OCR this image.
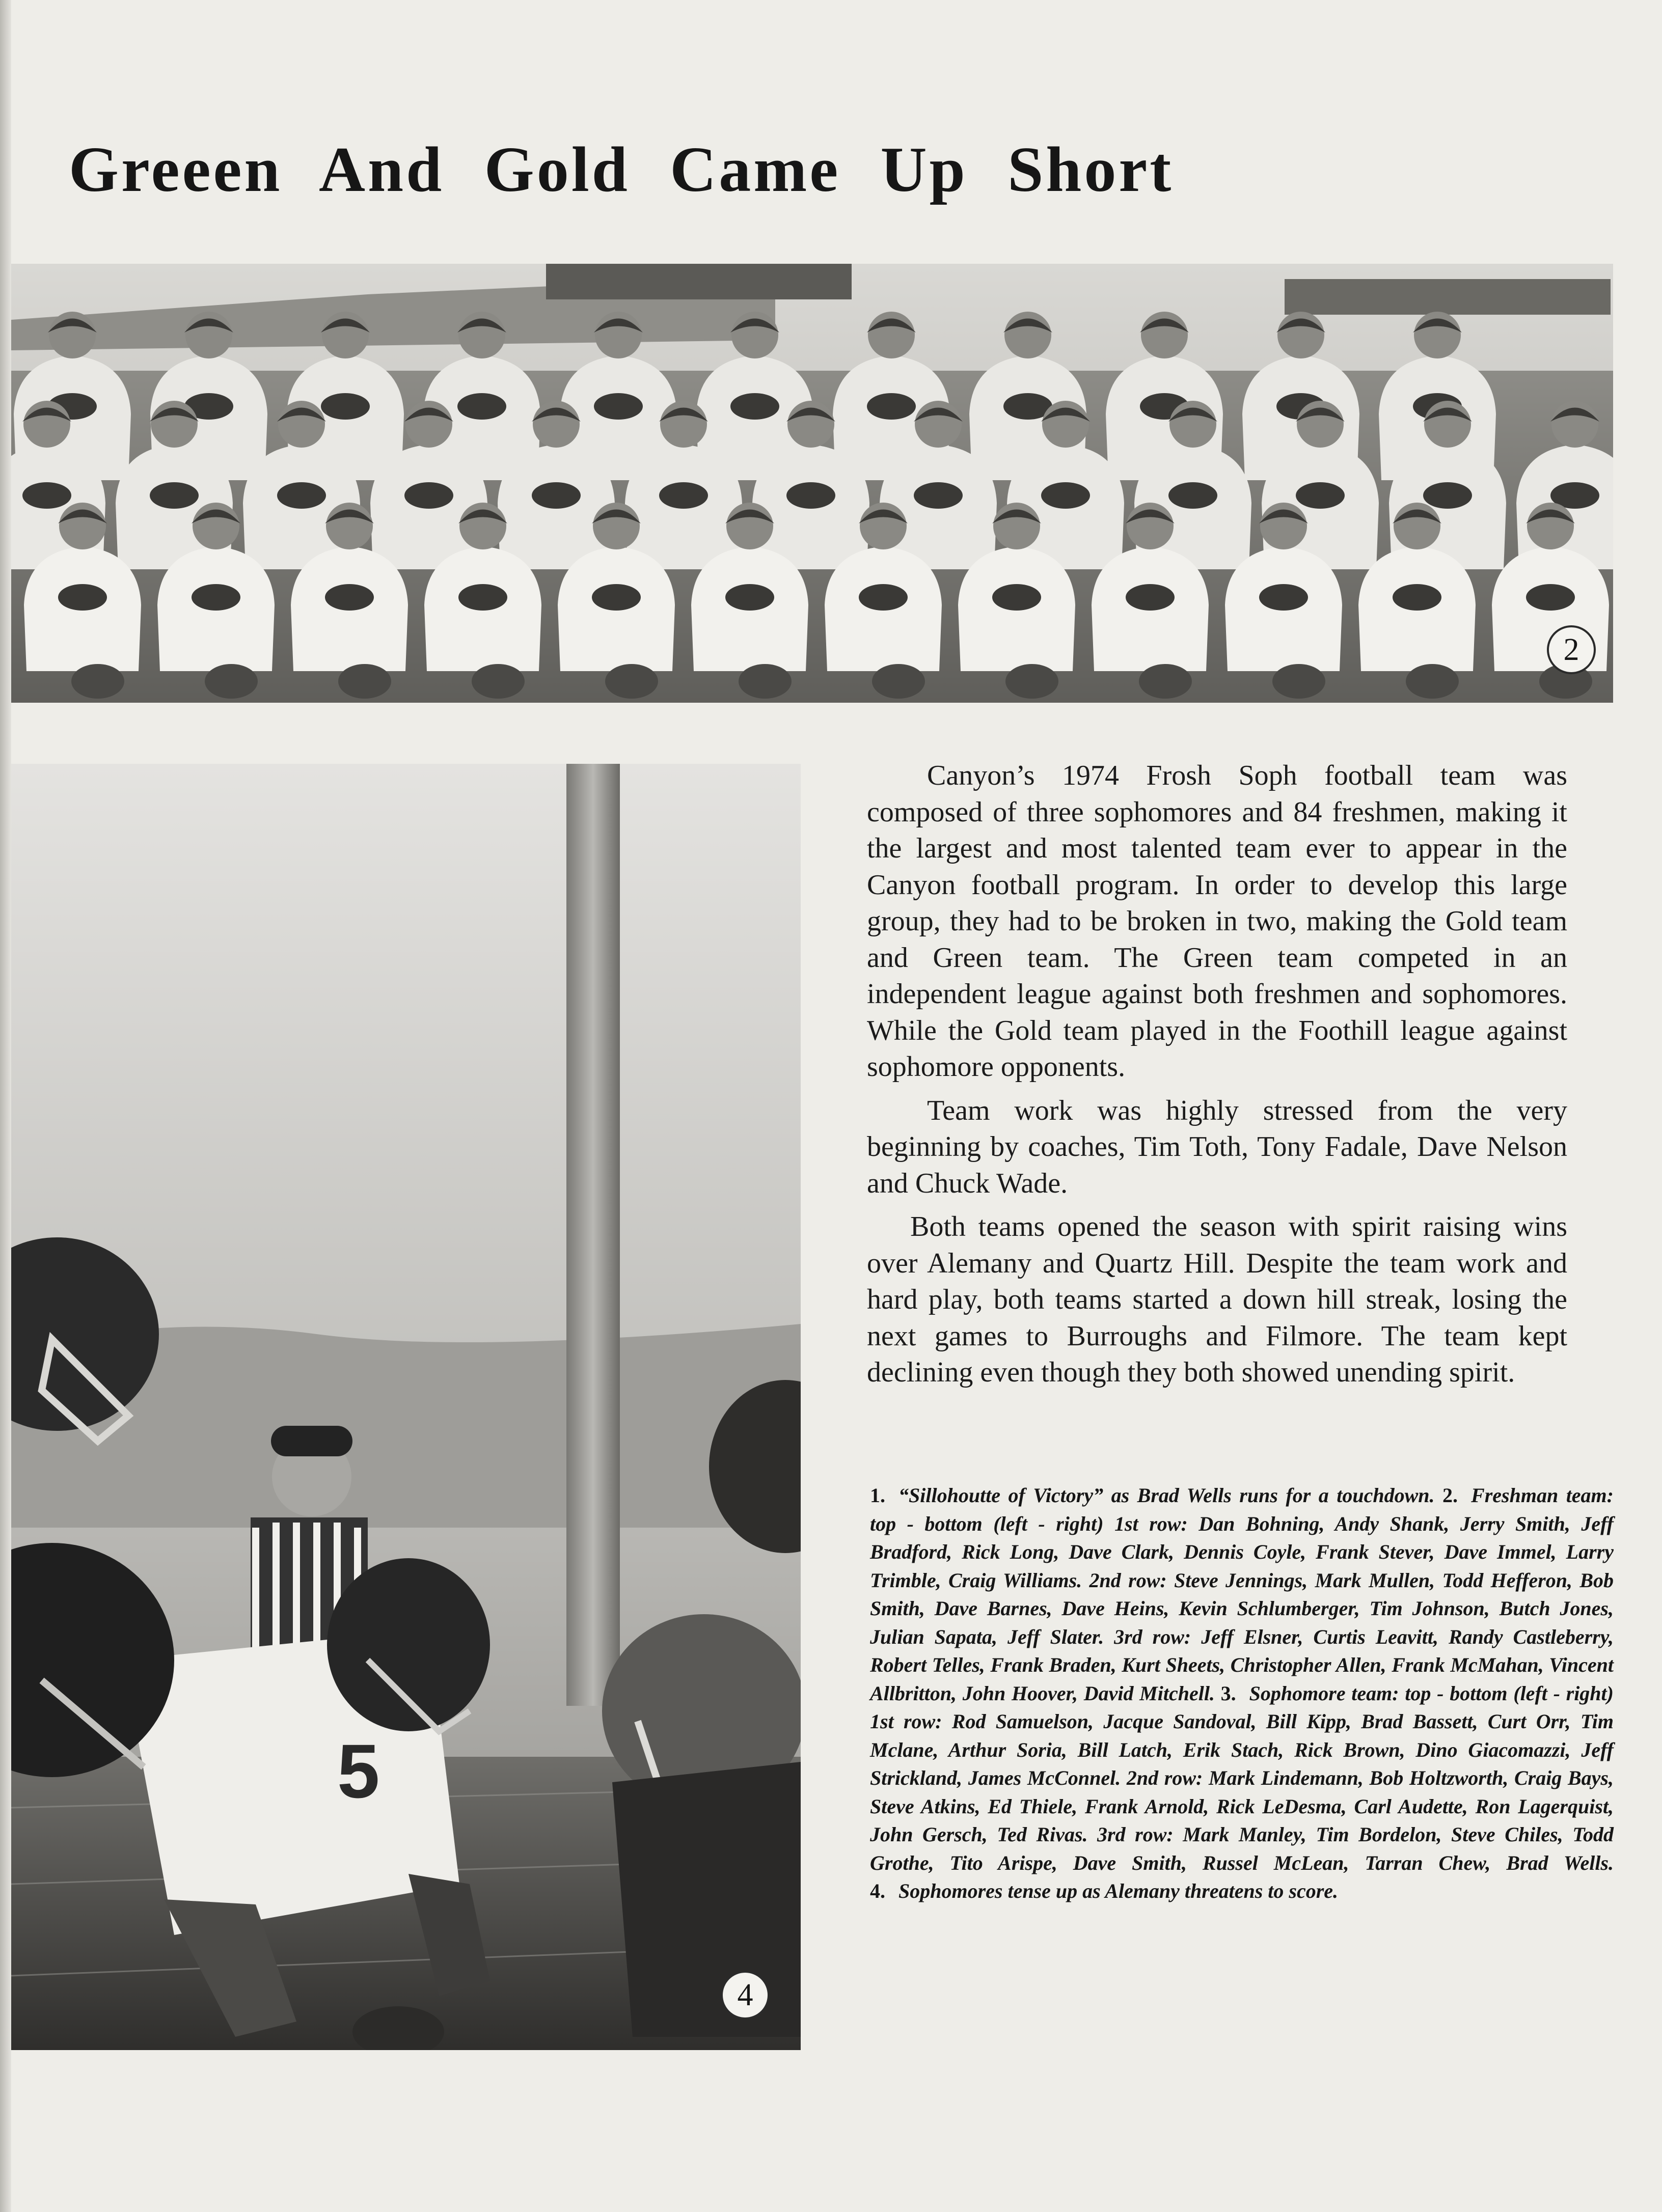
Greeen And Gold Came Up Short
2
5
4

Canyon’s 1974 Frosh Soph football team was composed of three sophomores and 84 freshmen, making it the largest and most talented team ever to appear in the Canyon football program. In order to develop this large group, they had to be broken in two, making the Gold team and Green team. The Green team competed in an independent league against both freshmen and sophomores. While the Gold team played in the Foothill league against sophomore opponents.

Team work was highly stressed from the very beginning by coaches, Tim Toth, Tony Fadale, Dave Nelson and Chuck Wade.

Both teams opened the season with spirit raising wins over Alemany and Quartz Hill. Despite the team work and hard play, both teams started a down hill streak, losing the next games to Burroughs and Filmore. The team kept declining even though they both showed unending spirit.

1. “Sillohoutte of Victory” as Brad Wells runs for a touchdown. 2. Freshman team: top - bottom (left - right) 1st row: Dan Bohning, Andy Shank, Jerry Smith, Jeff Bradford, Rick Long, Dave Clark, Dennis Coyle, Frank Stever, Dave Immel, Larry Trimble, Craig Williams. 2nd row: Steve Jennings, Mark Mullen, Todd Hefferon, Bob Smith, Dave Barnes, Dave Heins, Kevin Schlumberger, Tim Johnson, Butch Jones, Julian Sapata, Jeff Slater. 3rd row: Jeff Elsner, Curtis Leavitt, Randy Castleberry, Robert Telles, Frank Braden, Kurt Sheets, Christopher Allen, Frank McMahan, Vincent Allbritton, John Hoover, David Mitchell. 3. Sophomore team: top - bottom (left - right) 1st row: Rod Samuelson, Jacque Sandoval, Bill Kipp, Brad Bassett, Curt Orr, Tim Mclane, Arthur Soria, Bill Latch, Erik Stach, Rick Brown, Dino Giacomazzi, Jeff Strickland, James McConnel. 2nd row: Mark Lindemann, Bob Holtzworth, Craig Bays, Steve Atkins, Ed Thiele, Frank Arnold, Rick LeDesma, Carl Audette, Ron Lagerquist, John Gersch, Ted Rivas. 3rd row: Mark Manley, Tim Bordelon, Steve Chiles, Todd Grothe, Tito Arispe, Dave Smith, Russel McLean, Tarran Chew, Brad Wells. 4. Sophomores tense up as Alemany threatens to score.
